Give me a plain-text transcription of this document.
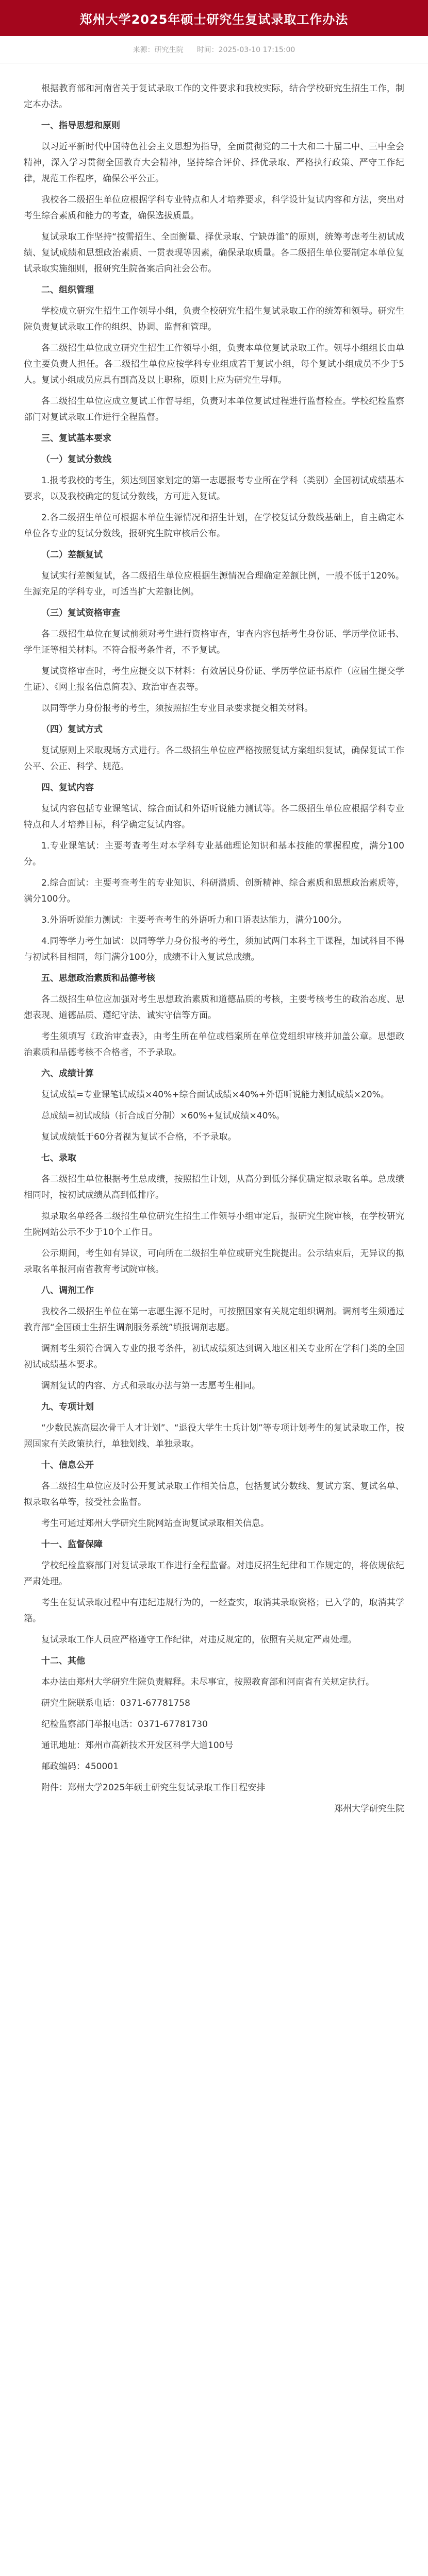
郑州大学2025年硕士研究生复试录取工作办法
来源：研究生院 时间：2025-03-10 17:15:00

根据教育部和河南省关于复试录取工作的文件要求和我校实际，结合学校研究生招生工作，制定本办法。

一、指导思想和原则

以习近平新时代中国特色社会主义思想为指导，全面贯彻党的二十大和二十届二中、三中全会精神，深入学习贯彻全国教育大会精神，坚持综合评价、择优录取、严格执行政策、严守工作纪律，规范工作程序，确保公平公正。

我校各二级招生单位应根据学科专业特点和人才培养要求，科学设计复试内容和方法，突出对考生综合素质和能力的考查，确保选拔质量。

复试录取工作坚持“按需招生、全面衡量、择优录取、宁缺毋滥”的原则，统筹考虑考生初试成绩、复试成绩和思想政治素质、一贯表现等因素，确保录取质量。各二级招生单位要制定本单位复试录取实施细则，报研究生院备案后向社会公布。

二、组织管理

学校成立研究生招生工作领导小组，负责全校研究生招生复试录取工作的统筹和领导。研究生院负责复试录取工作的组织、协调、监督和管理。

各二级招生单位成立研究生招生工作领导小组，负责本单位复试录取工作。领导小组组长由单位主要负责人担任。各二级招生单位应按学科专业组成若干复试小组，每个复试小组成员不少于5人。复试小组成员应具有副高及以上职称，原则上应为研究生导师。

各二级招生单位应成立复试工作督导组，负责对本单位复试过程进行监督检查。学校纪检监察部门对复试录取工作进行全程监督。

三、复试基本要求
（一）复试分数线

1.报考我校的考生，须达到国家划定的第一志愿报考专业所在学科（类别）全国初试成绩基本要求，以及我校确定的复试分数线，方可进入复试。

2.各二级招生单位可根据本单位生源情况和招生计划，在学校复试分数线基础上，自主确定本单位各专业的复试分数线，报研究生院审核后公布。

（二）差额复试

复试实行差额复试，各二级招生单位应根据生源情况合理确定差额比例，一般不低于120%。生源充足的学科专业，可适当扩大差额比例。

（三）复试资格审查

各二级招生单位在复试前须对考生进行资格审查，审查内容包括考生身份证、学历学位证书、学生证等相关材料。不符合报考条件者，不予复试。

复试资格审查时，考生应提交以下材料：有效居民身份证、学历学位证书原件（应届生提交学生证）、《网上报名信息简表》、政治审查表等。

以同等学力身份报考的考生，须按照招生专业目录要求提交相关材料。

（四）复试方式

复试原则上采取现场方式进行。各二级招生单位应严格按照复试方案组织复试，确保复试工作公平、公正、科学、规范。

四、复试内容

复试内容包括专业课笔试、综合面试和外语听说能力测试等。各二级招生单位应根据学科专业特点和人才培养目标，科学确定复试内容。

1.专业课笔试：主要考查考生对本学科专业基础理论知识和基本技能的掌握程度，满分100分。

2.综合面试：主要考查考生的专业知识、科研潜质、创新精神、综合素质和思想政治素质等，满分100分。

3.外语听说能力测试：主要考查考生的外语听力和口语表达能力，满分100分。

4.同等学力考生加试：以同等学力身份报考的考生，须加试两门本科主干课程，加试科目不得与初试科目相同，每门满分100分，成绩不计入复试总成绩。

五、思想政治素质和品德考核

各二级招生单位应加强对考生思想政治素质和道德品质的考核，主要考核考生的政治态度、思想表现、道德品质、遵纪守法、诚实守信等方面。

考生须填写《政治审查表》，由考生所在单位或档案所在单位党组织审核并加盖公章。思想政治素质和品德考核不合格者，不予录取。

六、成绩计算

复试成绩=专业课笔试成绩×40%+综合面试成绩×40%+外语听说能力测试成绩×20%。

总成绩=初试成绩（折合成百分制）×60%+复试成绩×40%。

复试成绩低于60分者视为复试不合格，不予录取。

七、录取

各二级招生单位根据考生总成绩，按照招生计划，从高分到低分择优确定拟录取名单。总成绩相同时，按初试成绩从高到低排序。

拟录取名单经各二级招生单位研究生招生工作领导小组审定后，报研究生院审核，在学校研究生院网站公示不少于10个工作日。

公示期间，考生如有异议，可向所在二级招生单位或研究生院提出。公示结束后，无异议的拟录取名单报河南省教育考试院审核。

八、调剂工作

我校各二级招生单位在第一志愿生源不足时，可按照国家有关规定组织调剂。调剂考生须通过教育部“全国硕士生招生调剂服务系统”填报调剂志愿。

调剂考生须符合调入专业的报考条件，初试成绩须达到调入地区相关专业所在学科门类的全国初试成绩基本要求。

调剂复试的内容、方式和录取办法与第一志愿考生相同。

九、专项计划

“少数民族高层次骨干人才计划”、“退役大学生士兵计划”等专项计划考生的复试录取工作，按照国家有关政策执行，单独划线、单独录取。

十、信息公开

各二级招生单位应及时公开复试录取工作相关信息，包括复试分数线、复试方案、复试名单、拟录取名单等，接受社会监督。

考生可通过郑州大学研究生院网站查询复试录取相关信息。

十一、监督保障

学校纪检监察部门对复试录取工作进行全程监督。对违反招生纪律和工作规定的，将依规依纪严肃处理。

考生在复试录取过程中有违纪违规行为的，一经查实，取消其录取资格；已入学的，取消其学籍。

复试录取工作人员应严格遵守工作纪律，对违反规定的，依照有关规定严肃处理。

十二、其他

本办法由郑州大学研究生院负责解释。未尽事宜，按照教育部和河南省有关规定执行。

研究生院联系电话：0371-67781758

纪检监察部门举报电话：0371-67781730

通讯地址：郑州市高新技术开发区科学大道100号

邮政编码：450001

附件：郑州大学2025年硕士研究生复试录取工作日程安排

郑州大学研究生院
